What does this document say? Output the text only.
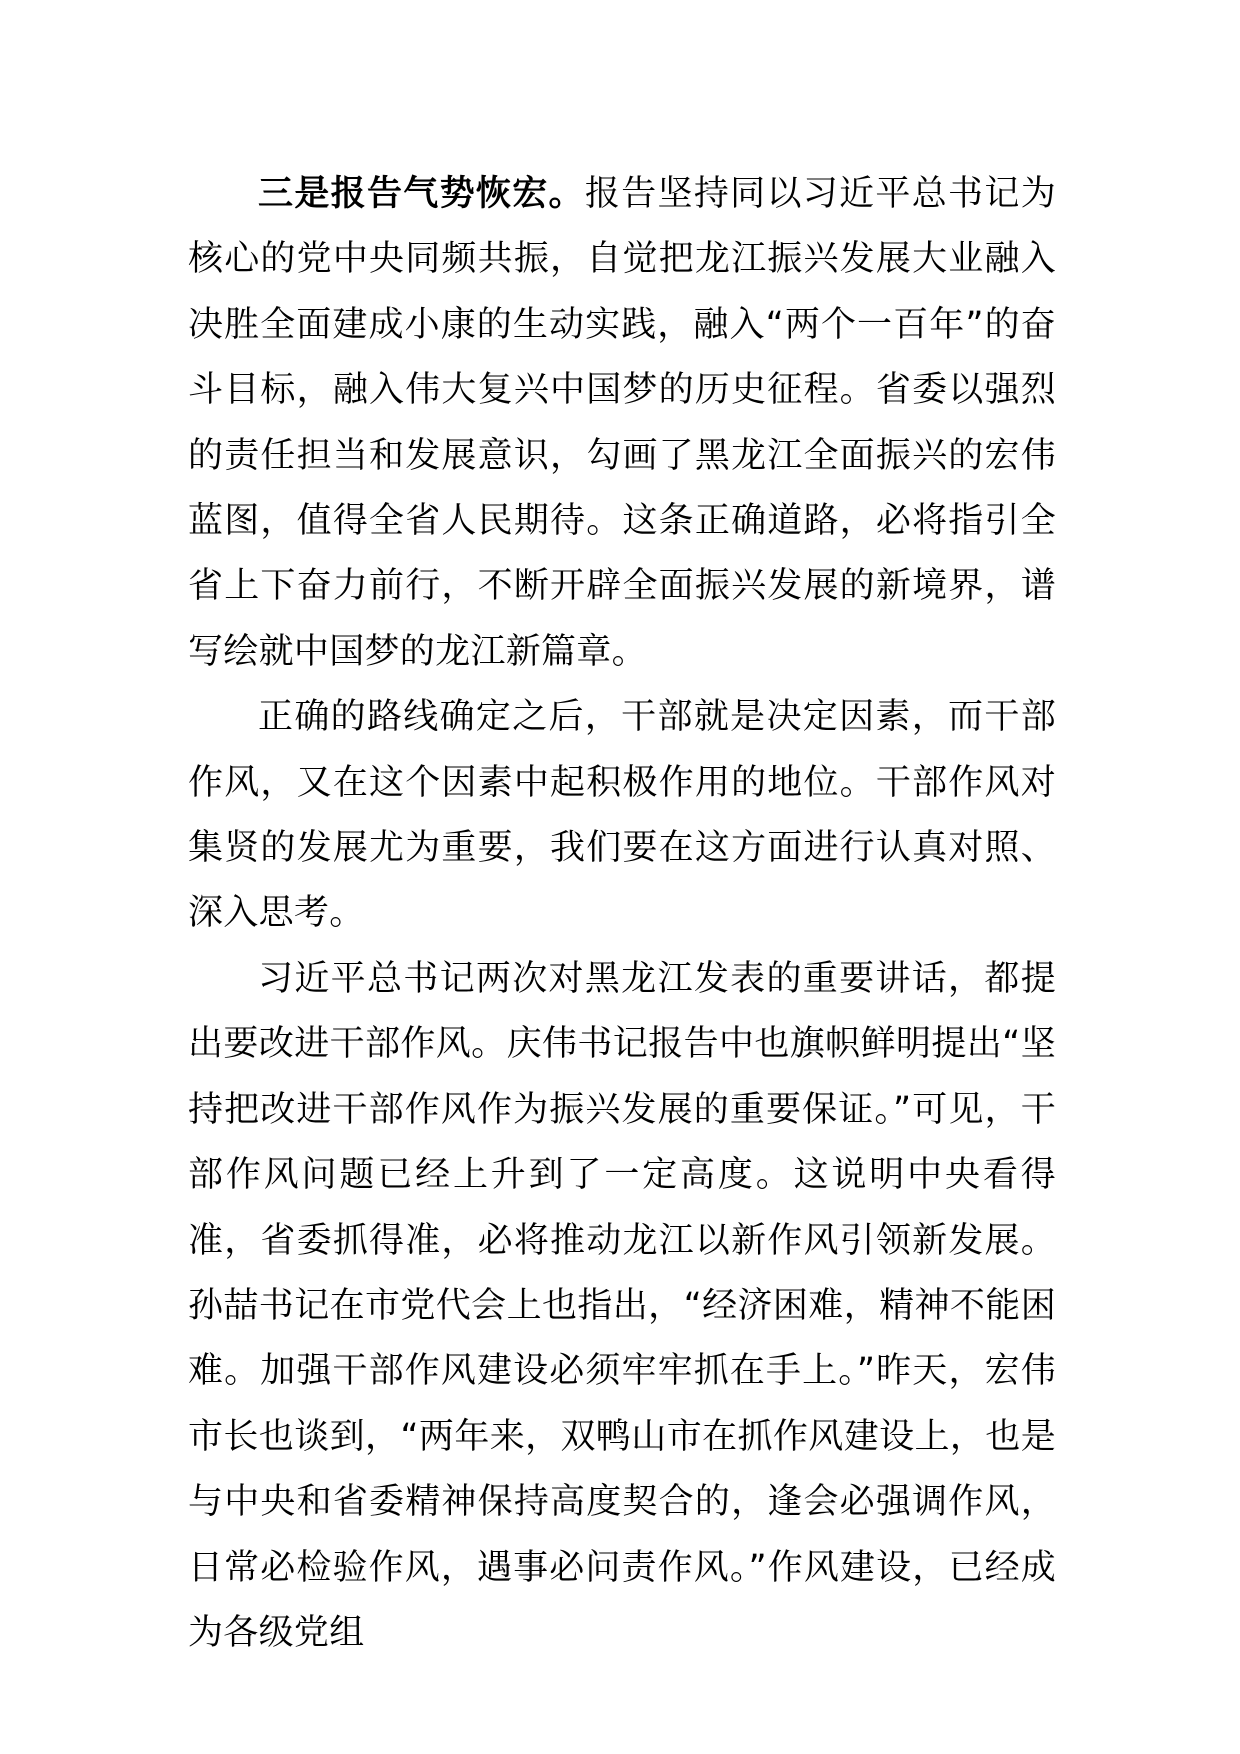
三是报告气势恢宏。报告坚持同以习近平总书记为核心的党中央同频共振，自觉把龙江振兴发展大业融入决胜全面建成小康的生动实践，融入“两个一百年”的奋斗目标，融入伟大复兴中国梦的历史征程。省委以强烈的责任担当和发展意识，勾画了黑龙江全面振兴的宏伟蓝图，值得全省人民期待。这条正确道路，必将指引全省上下奋力前行，不断开辟全面振兴发展的新境界，谱写绘就中国梦的龙江新篇章。

正确的路线确定之后，干部就是决定因素，而干部作风，又在这个因素中起积极作用的地位。干部作风对集贤的发展尤为重要，我们要在这方面进行认真对照、深入思考。

习近平总书记两次对黑龙江发表的重要讲话，都提出要改进干部作风。庆伟书记报告中也旗帜鲜明提出“坚持把改进干部作风作为振兴发展的重要保证。”可见，干部作风问题已经上升到了一定高度。这说明中央看得准，省委抓得准，必将推动龙江以新作风引领新发展。孙喆书记在市党代会上也指出，“经济困难，精神不能困难。加强干部作风建设必须牢牢抓在手上。”昨天，宏伟市长也谈到，“两年来，双鸭山市在抓作风建设上，也是与中央和省委精神保持高度契合的，逢会必强调作风，日常必检验作风，遇事必问责作风。”作风建设，已经成为各级党组
